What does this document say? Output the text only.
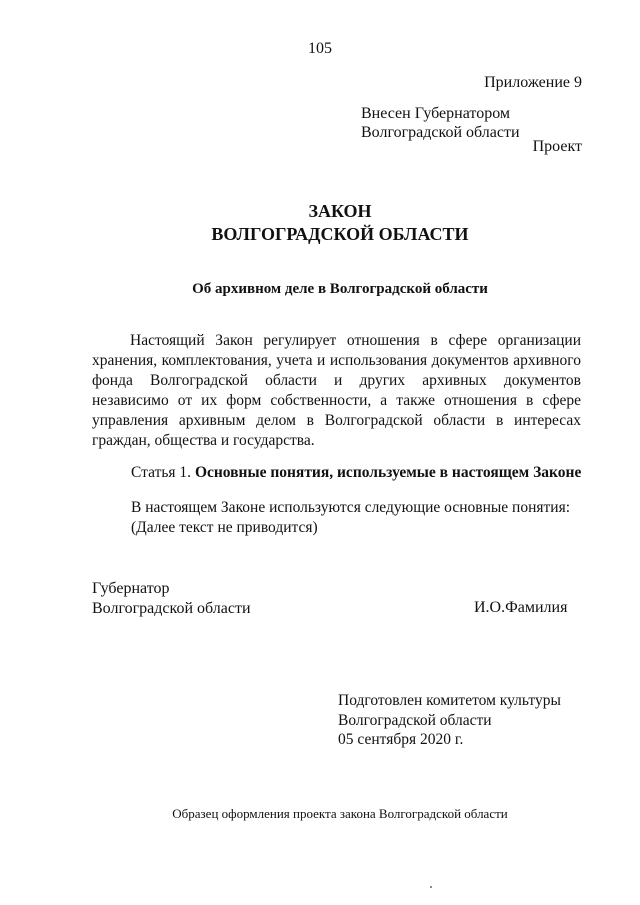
105
Приложение 9
Внесен Губернатором
Волгоградской области
Проект
ЗАКОН
ВОЛГОГРАДСКОЙ ОБЛАСТИ
Об архивном деле в Волгоградской области
Настоящий Закон регулирует отношения в сфере организации хранения, комплектования, учета и использования документов архивного фонда Волгоградской области и других архивных документов независимо от их форм собственности, а также отношения в сфере управления архивным делом в Волгоградской области в интересах граждан, общества и государства.
Статья 1. Основные понятия, используемые в настоящем Законе
В настоящем Законе используются следующие основные понятия:
(Далее текст не приводится)
Губернатор
Волгоградской области	И.О.Фамилия
Подготовлен комитетом культуры
Волгоградской области
05 сентября 2020 г.
Образец оформления проекта закона Волгоградской области
